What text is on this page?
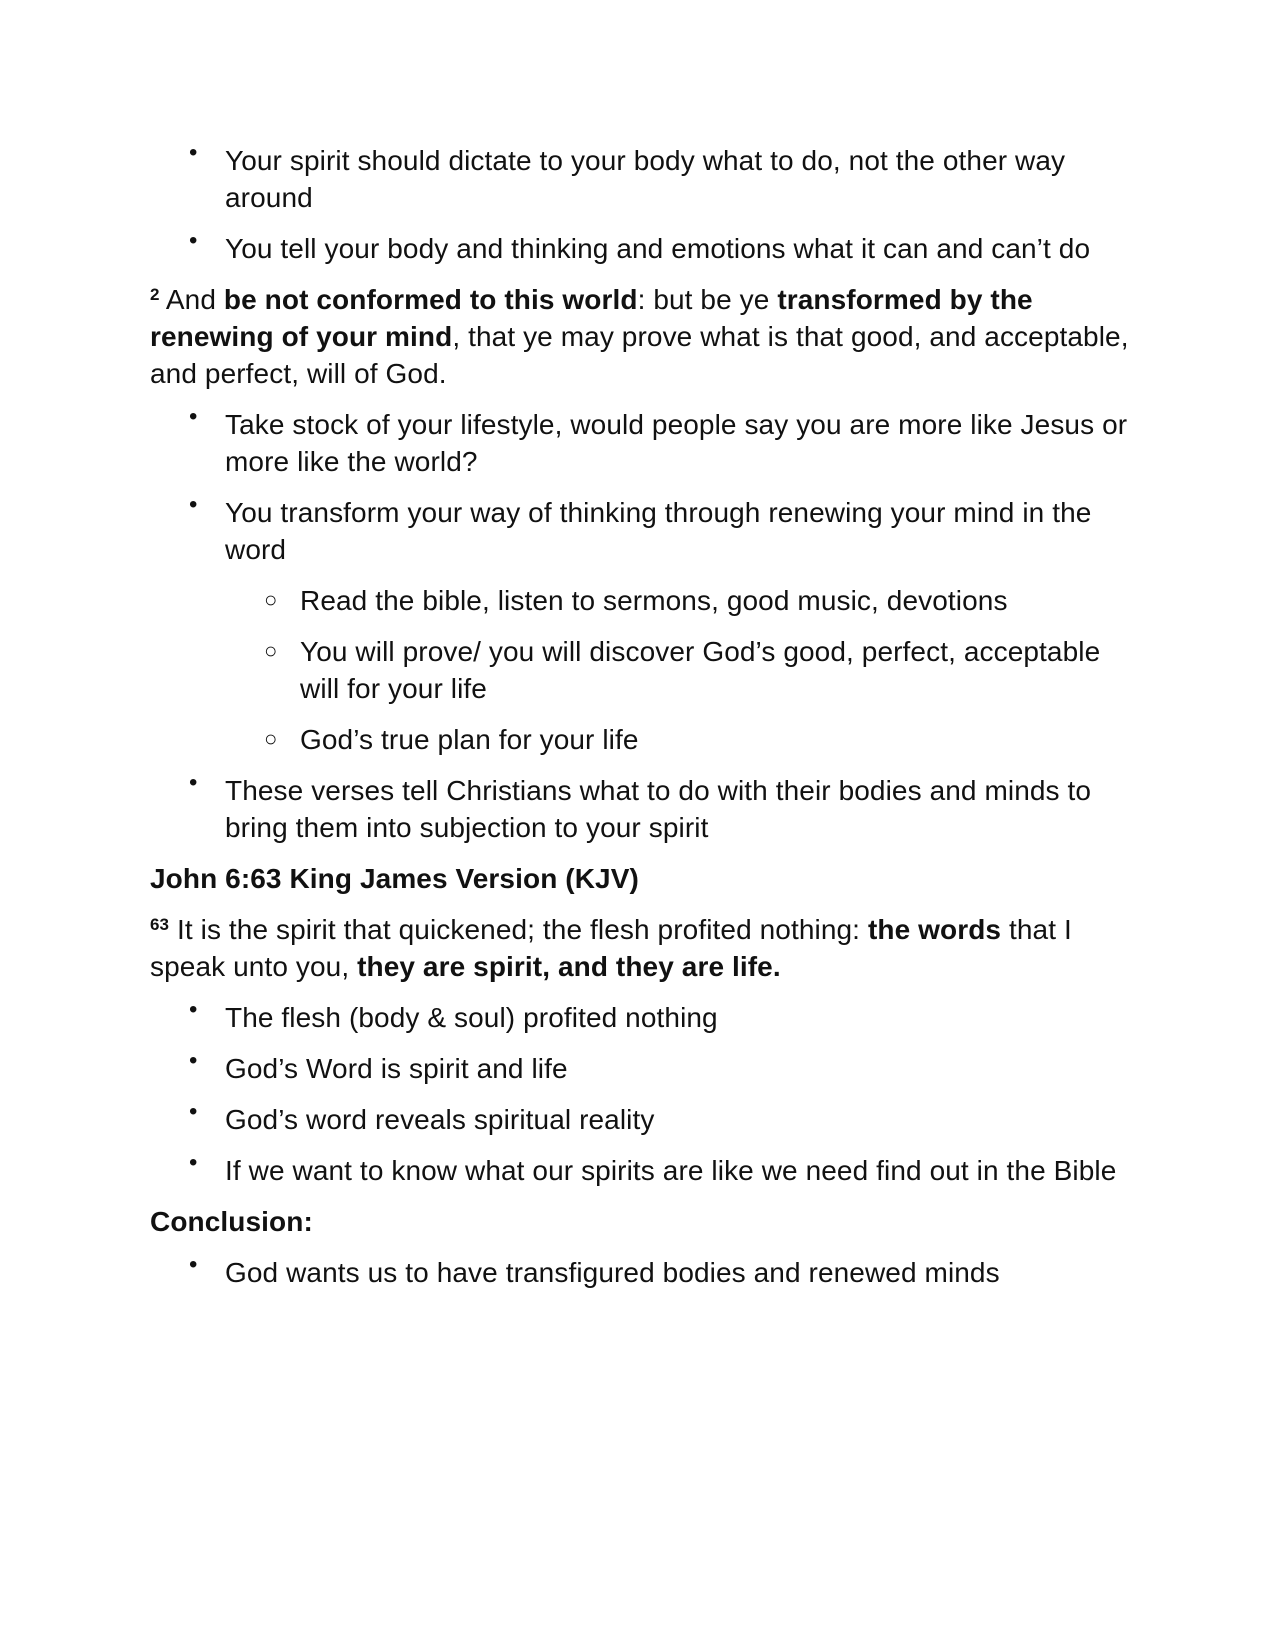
• Your spirit should dictate to your body what to do, not the other way around
• You tell your body and thinking and emotions what it can and can’t do

$^2$ And be not conformed to this world: but be ye transformed by the renewing of your mind, that ye may prove what is that good, and acceptable, and perfect, will of God.

• Take stock of your lifestyle, would people say you are more like Jesus or more like the world?
• You transform your way of thinking through renewing your mind in the word
○ Read the bible, listen to sermons, good music, devotions
○ You will prove/ you will discover God’s good, perfect, acceptable will for your life
○ God’s true plan for your life
• These verses tell Christians what to do with their bodies and minds to bring them into subjection to your spirit
John 6:63 King James Version (KJV)

$^{63}$ It is the spirit that quickened; the flesh profited nothing: the words that I speak unto you, they are spirit, and they are life.

• The flesh (body & soul) profited nothing
• God’s Word is spirit and life
• God’s word reveals spiritual reality
• If we want to know what our spirits are like we need find out in the Bible
Conclusion:
• God wants us to have transfigured bodies and renewed minds
